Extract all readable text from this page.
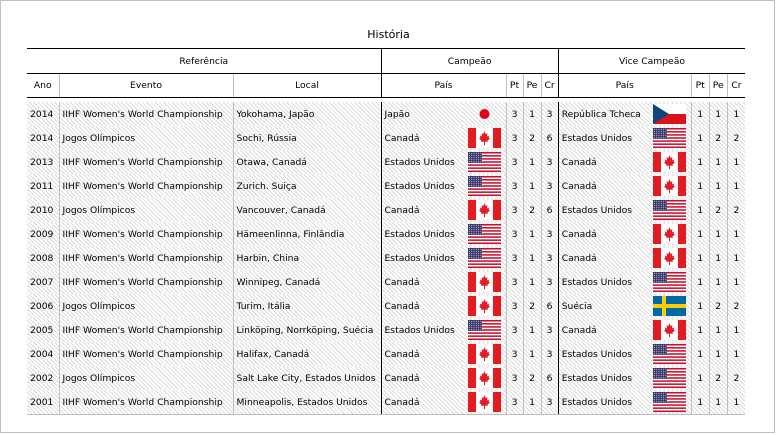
História
Referência			Campeão					Vice Campeão				
Ano	Evento	Local	País		Pt	Pe	Cr	País		Pt	Pe	Cr

2014	IIHF Women's World Championship	Yokohama, Japão	Japão		3	1	3	República Tcheca		1	1	1
2014	Jogos Olímpicos	Sochi, Rússia	Canadá		3	2	6	Estados Unidos		1	2	2
2013	IIHF Women's World Championship	Otawa, Canadá	Estados Unidos		3	1	3	Canadá		1	1	1
2011	IIHF Women's World Championship	Zurich. Suiça	Estados Unidos		3	1	3	Canadá		1	1	1
2010	Jogos Olímpicos	Vancouver, Canadá	Canadá		3	2	6	Estados Unidos		1	2	2
2009	IIHF Women's World Championship	Hämeenlinna, Finlândia	Estados Unidos		3	1	3	Canadá		1	1	1
2008	IIHF Women's World Championship	Harbin, China	Estados Unidos		3	1	3	Canadá		1	1	1
2007	IIHF Women's World Championship	Winnipeg, Canadá	Canadá		3	1	3	Estados Unidos		1	1	1
2006	Jogos Olímpicos	Turim, Itália	Canadá		3	2	6	Suécia		1	2	2
2005	IIHF Women's World Championship	Linköping, Norrköping, Suécia	Estados Unidos		3	1	3	Canadá		1	1	1
2004	IIHF Women's World Championship	Halifax, Canadá	Canadá		3	1	3	Estados Unidos		1	1	1
2002	Jogos Olímpicos	Salt Lake City, Estados Unidos	Canadá		3	2	6	Estados Unidos		1	2	2
2001	IIHF Women's World Championship	Minneapolis, Estados Unidos	Canadá		3	1	3	Estados Unidos		1	1	1
